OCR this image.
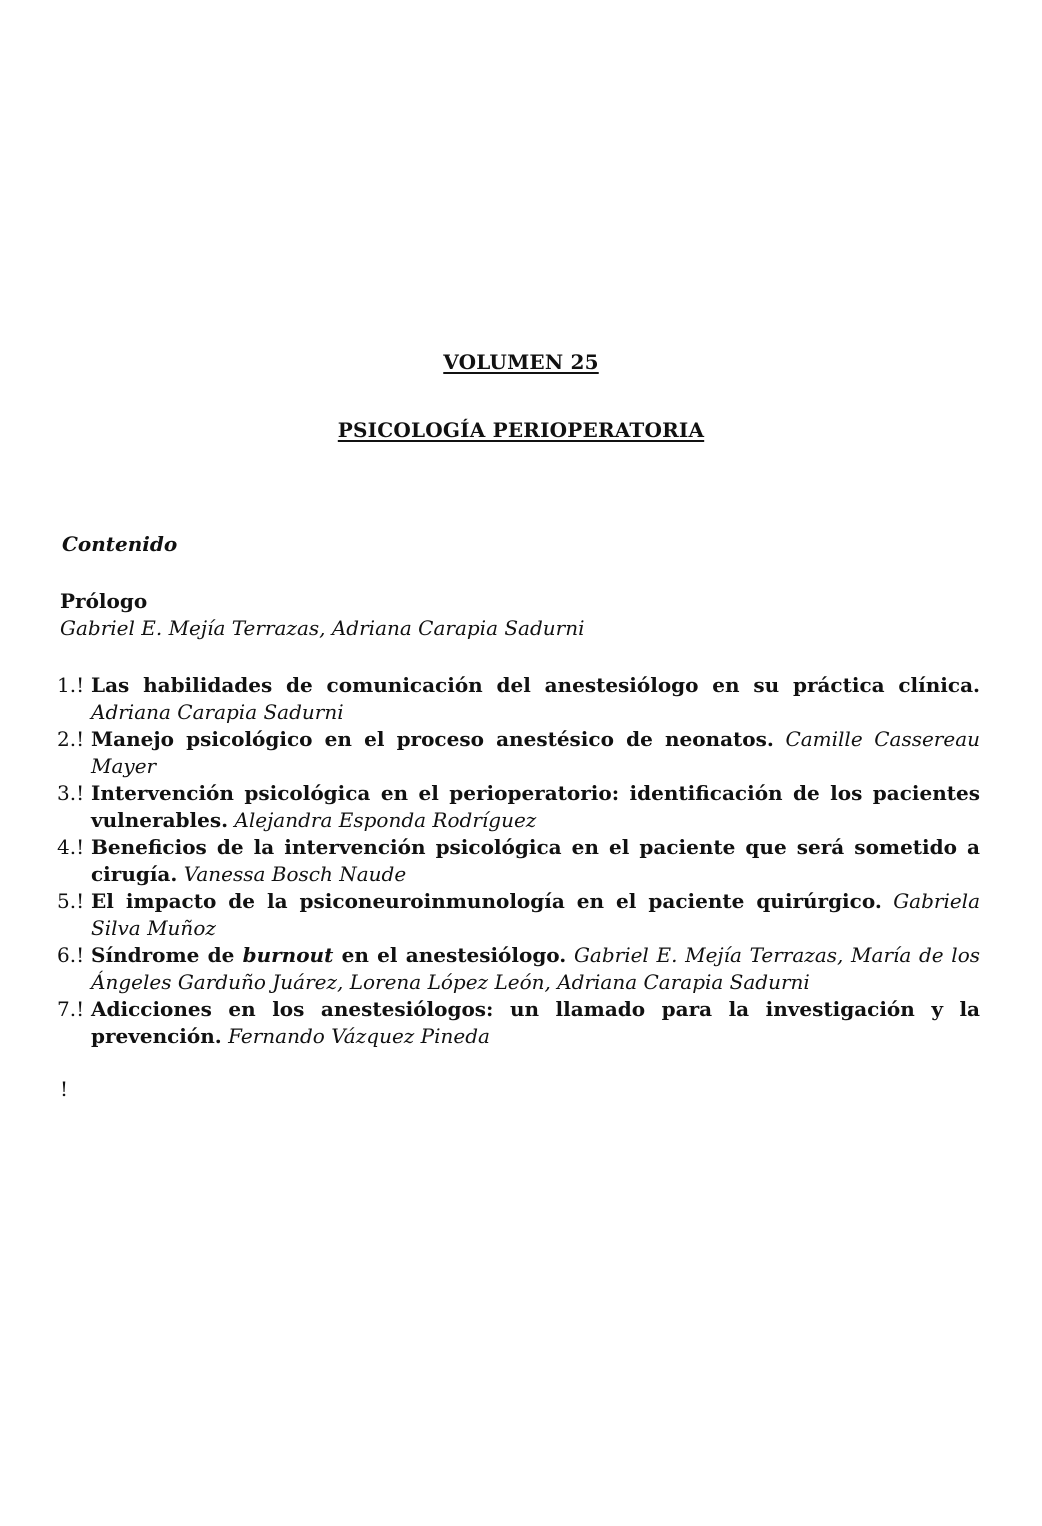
VOLUMEN 25
PSICOLOGÍA PERIOPERATORIA
Contenido
Prólogo
Gabriel E. Mejía Terrazas, Adriana Carapia Sadurni
1.! Las habilidades de comunicación del anestesiólogo en su práctica clínica. Adriana Carapia Sadurni
2.! Manejo psicológico en el proceso anestésico de neonatos. Camille Cassereau Mayer
3.! Intervención psicológica en el perioperatorio: identificación de los pacientes vulnerables. Alejandra Esponda Rodríguez
4.! Beneficios de la intervención psicológica en el paciente que será sometido a cirugía. Vanessa Bosch Naude
5.! El impacto de la psiconeuroinmunología en el paciente quirúrgico. Gabriela Silva Muñoz
6.! Síndrome de burnout en el anestesiólogo. Gabriel E. Mejía Terrazas, María de los Ángeles Garduño Juárez, Lorena López León, Adriana Carapia Sadurni
7.! Adicciones en los anestesiólogos: un llamado para la investigación y la prevención. Fernando Vázquez Pineda
!
